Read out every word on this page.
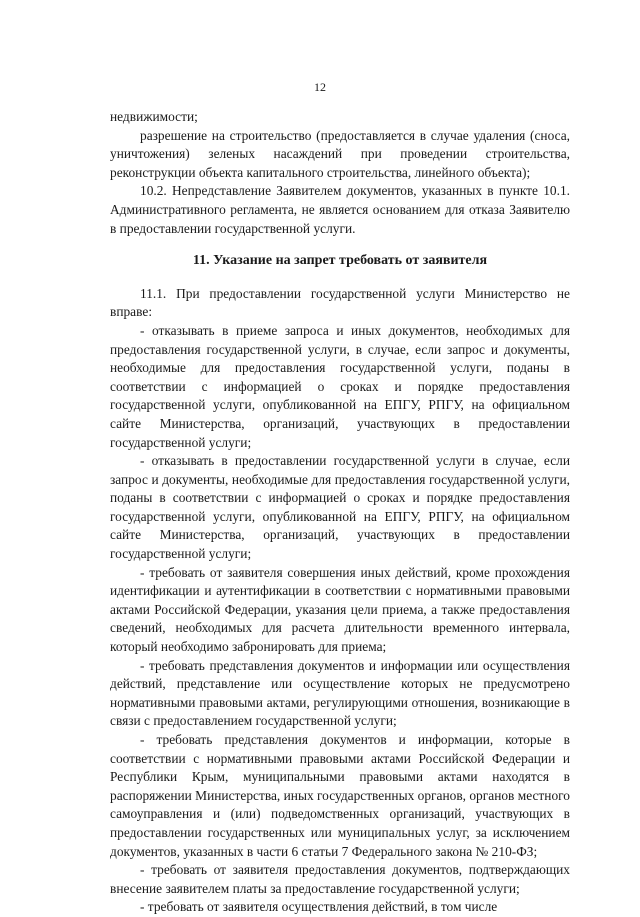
12

недвижимости;

разрешение на строительство (предоставляется в случае удаления (сноса, уничтожения) зеленых насаждений при проведении строительства, реконструкции объекта капитального строительства, линейного объекта);

10.2. Непредставление Заявителем документов, указанных в пункте 10.1. Административного регламента, не является основанием для отказа Заявителю в предоставлении государственной услуги.

11. Указание на запрет требовать от заявителя

11.1. При предоставлении государственной услуги Министерство не вправе:

- отказывать в приеме запроса и иных документов, необходимых для предоставления государственной услуги, в случае, если запрос и документы, необходимые для предоставления государственной услуги, поданы в соответствии с информацией о сроках и порядке предоставления государственной услуги, опубликованной на ЕПГУ, РПГУ, на официальном сайте Министерства, организаций, участвующих в предоставлении государственной услуги;

- отказывать в предоставлении государственной услуги в случае, если запрос и документы, необходимые для предоставления государственной услуги, поданы в соответствии с информацией о сроках и порядке предоставления государственной услуги, опубликованной на ЕПГУ, РПГУ, на официальном сайте Министерства, организаций, участвующих в предоставлении государственной услуги;

- требовать от заявителя совершения иных действий, кроме прохождения идентификации и аутентификации в соответствии с нормативными правовыми актами Российской Федерации, указания цели приема, а также предоставления сведений, необходимых для расчета длительности временного интервала, который необходимо забронировать для приема;

- требовать представления документов и информации или осуществления действий, представление или осуществление которых не предусмотрено нормативными правовыми актами, регулирующими отношения, возникающие в связи с предоставлением государственной услуги;

- требовать представления документов и информации, которые в соответствии с нормативными правовыми актами Российской Федерации и Республики Крым, муниципальными правовыми актами находятся в распоряжении Министерства, иных государственных органов, органов местного самоуправления и (или) подведомственных организаций, участвующих в предоставлении государственных или муниципальных услуг, за исключением документов, указанных в части 6 статьи 7 Федерального закона № 210-ФЗ;

- требовать от заявителя предоставления документов, подтверждающих внесение заявителем платы за предоставление государственной услуги;

- требовать от заявителя осуществления действий, в том числе
